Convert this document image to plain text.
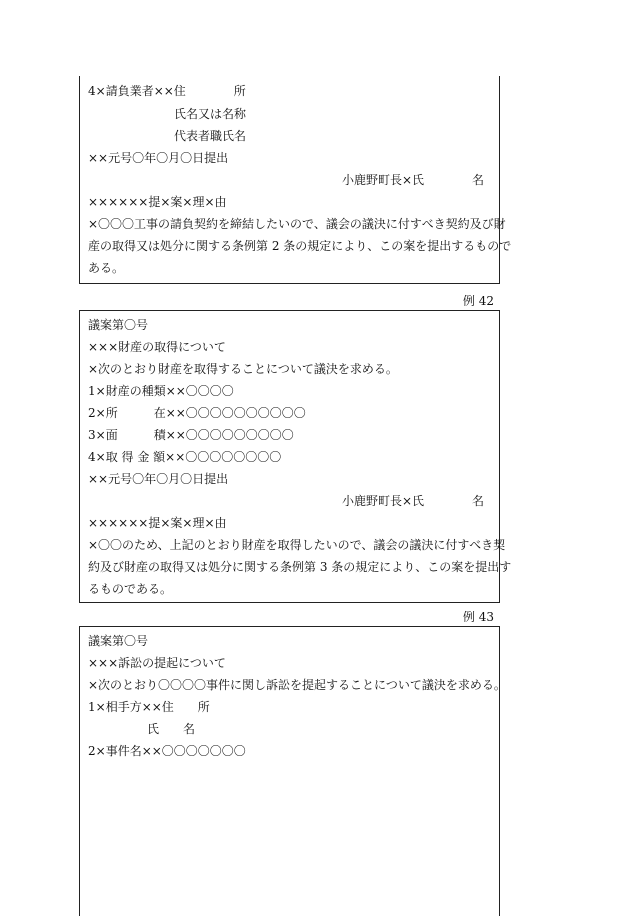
4×請負業者××住　　　　所
氏名又は名称
代表者職氏名
××元号〇年〇月〇日提出
小鹿野町長×氏　　　　名
××××××提×案×理×由
×〇〇〇工事の請負契約を締結したいので、議会の議決に付すべき契約及び財
産の取得又は処分に関する条例第 2 条の規定により、この案を提出するもので
ある。
例 42
議案第〇号
×××財産の取得について
×次のとおり財産を取得することについて議決を求める。
1×財産の種類××〇〇〇〇
2×所　　　在××〇〇〇〇〇〇〇〇〇〇
3×面　　　積××〇〇〇〇〇〇〇〇〇
4×取 得 金 額××〇〇〇〇〇〇〇〇
××元号〇年〇月〇日提出
小鹿野町長×氏　　　　名
××××××提×案×理×由
×〇〇のため、上記のとおり財産を取得したいので、議会の議決に付すべき契
約及び財産の取得又は処分に関する条例第 3 条の規定により、この案を提出す
るものである。
例 43
議案第〇号
×××訴訟の提起について
×次のとおり〇〇〇〇事件に関し訴訟を提起することについて議決を求める。
1×相手方××住　　所
氏　　名
2×事件名××〇〇〇〇〇〇〇
